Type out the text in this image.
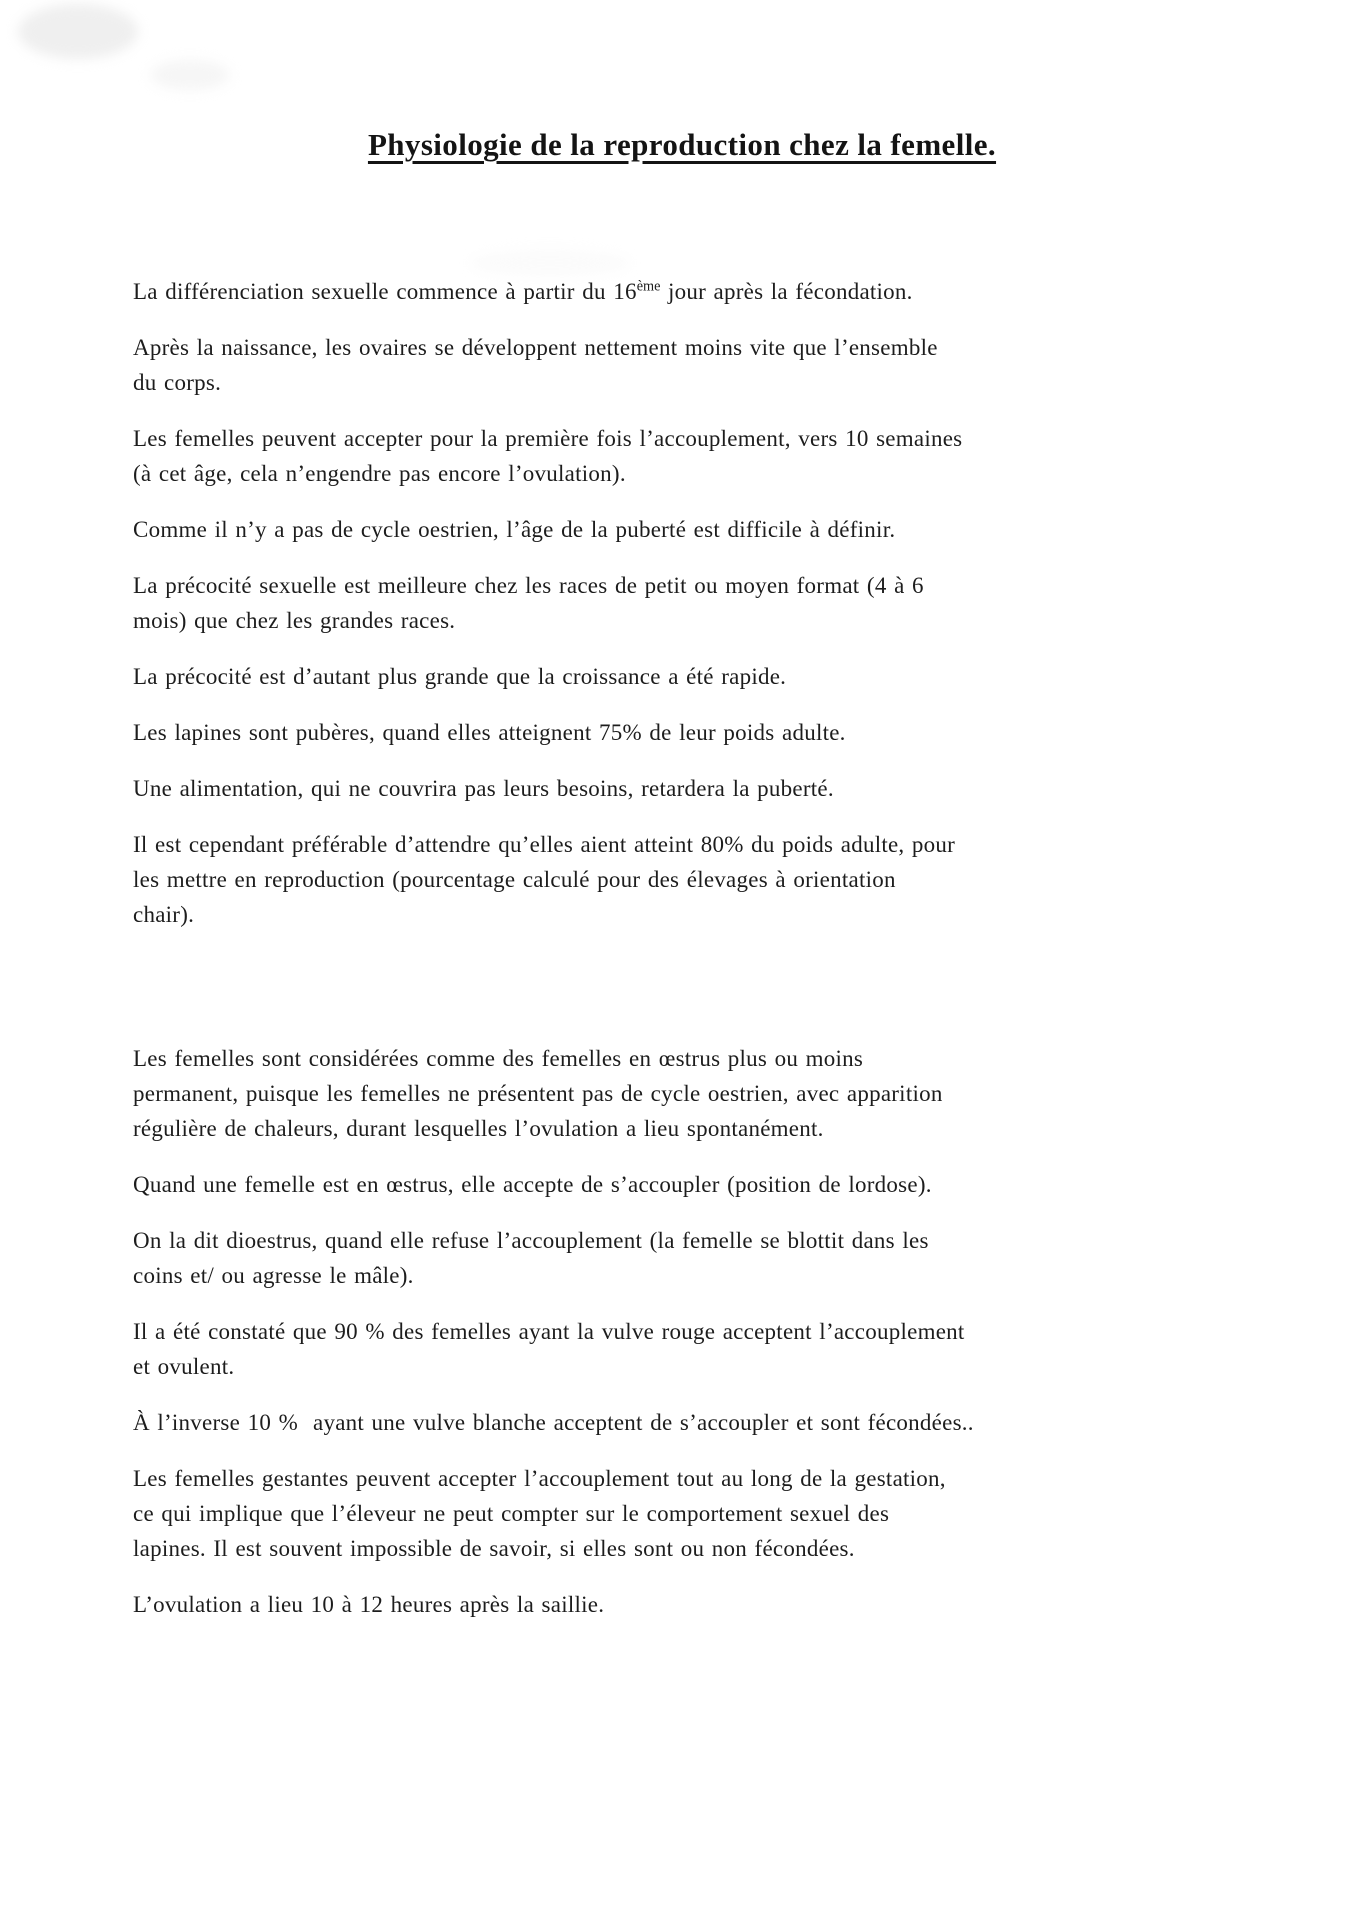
Physiologie de la reproduction chez la femelle.

La différenciation sexuelle commence à partir du 16ème jour après la fécondation.

Après la naissance, les ovaires se développent nettement moins vite que l’ensemble
du corps.

Les femelles peuvent accepter pour la première fois l’accouplement, vers 10 semaines
(à cet âge, cela n’engendre pas encore l’ovulation).

Comme il n’y a pas de cycle oestrien, l’âge de la puberté est difficile à définir.

La précocité sexuelle est meilleure chez les races de petit ou moyen format (4 à 6
mois) que chez les grandes races.

La précocité est d’autant plus grande que la croissance a été rapide.

Les lapines sont pubères, quand elles atteignent 75% de leur poids adulte.

Une alimentation, qui ne couvrira pas leurs besoins, retardera la puberté.

Il est cependant préférable d’attendre qu’elles aient atteint 80% du poids adulte, pour
les mettre en reproduction (pourcentage calculé pour des élevages à orientation
chair).

Les femelles sont considérées comme des femelles en œstrus plus ou moins
permanent, puisque les femelles ne présentent pas de cycle oestrien, avec apparition
régulière de chaleurs, durant lesquelles l’ovulation a lieu spontanément.

Quand une femelle est en œstrus, elle accepte de s’accoupler (position de lordose).

On la dit dioestrus, quand elle refuse l’accouplement (la femelle se blottit dans les
coins et/ ou agresse le mâle).

Il a été constaté que 90 % des femelles ayant la vulve rouge acceptent l’accouplement
et ovulent.

À l’inverse 10 %  ayant une vulve blanche acceptent de s’accoupler et sont fécondées..

Les femelles gestantes peuvent accepter l’accouplement tout au long de la gestation,
ce qui implique que l’éleveur ne peut compter sur le comportement sexuel des
lapines. Il est souvent impossible de savoir, si elles sont ou non fécondées.

L’ovulation a lieu 10 à 12 heures après la saillie.
